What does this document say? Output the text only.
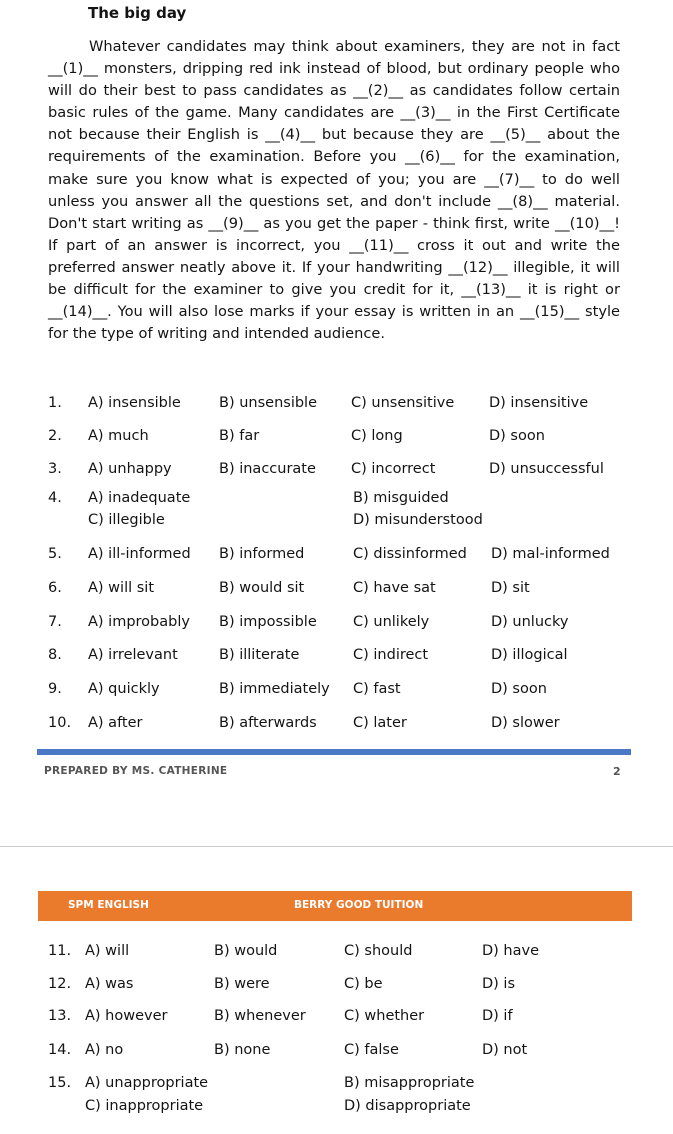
The big day

Whatever candidates may think about examiners, they are not in fact __(1)__ monsters, dripping red ink instead of blood, but ordinary people who will do their best to pass candidates as __(2)__ as candidates follow certain basic rules of the game. Many candidates are __(3)__ in the First Certificate not because their English is __(4)__ but because they are __(5)__ about the requirements of the examination. Before you __(6)__ for the examination, make sure you know what is expected of you; you are __(7)__ to do well unless you answer all the questions set, and don't include __(8)__ material. Don't start writing as __(9)__ as you get the paper - think first, write __(10)__! If part of an answer is incorrect, you __(11)__ cross it out and write the preferred answer neatly above it. If your handwriting __(12)__ illegible, it will be difficult for the examiner to give you credit for it, __(13)__ it is right or __(14)__. You will also lose marks if your essay is written in an __(15)__ style for the type of writing and intended audience.

1. A) insensible	B) unsensible C) unsensitive D) insensitive
2. A) much	B) far	C) long	D) soon
3. A) unhappy	B) inaccurate C) incorrect	D) unsuccessful
4. A) inadequate	B) misguided
C) illegible	D) misunderstood
5. A) ill-informed B) informed	C) dissinformed D) mal-informed
6. A) will sit	B) would sit	C) have sat	D) sit
7. A) improbably B) impossible	C) unlikely	D) unlucky
8. A) irrelevant	B) illiterate	C) indirect	D) illogical
9. A) quickly	B) immediately C) fast	D) soon
10. A) after	B) afterwards	C) later	D) slower
PREPARED BY MS. CATHERINE	2
SPM ENGLISH	BERRY GOOD TUITION
11. A) will	B) would	C) should	D) have
12. A) was	B) were	C) be	D) is
13. A) however	B) whenever	C) whether	D) if
14. A) no	B) none	C) false	D) not
15. A) unappropriate	B) misappropriate
C) inappropriate	D) disappropriate
